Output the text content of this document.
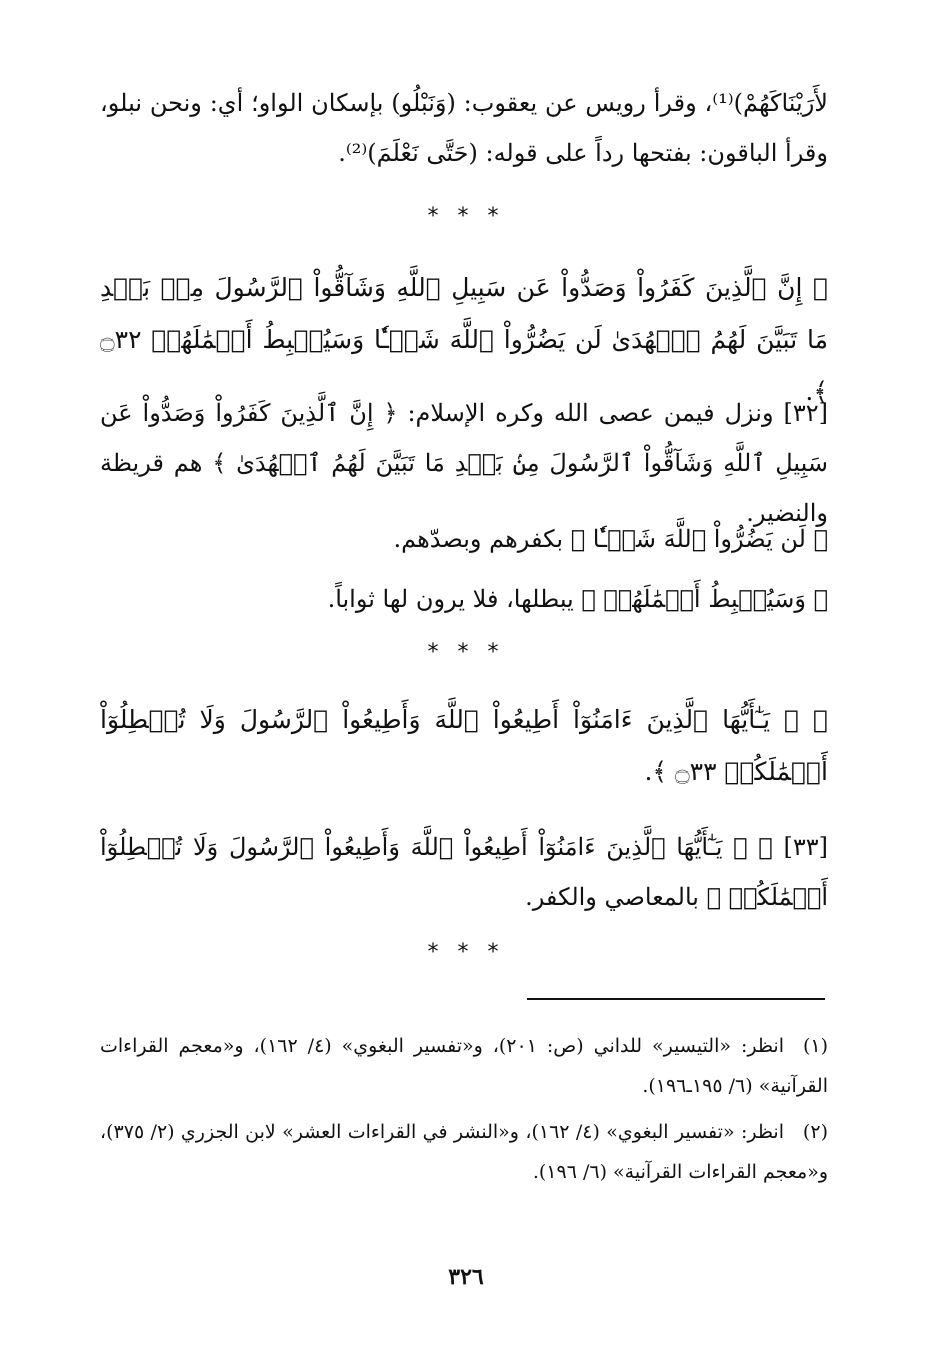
لأَرَيْنَاكَهُمْ)⁽¹⁾، وقرأ رويس عن يعقوب: (وَنَبْلُو) بإسكان الواو؛ أي: ونحن نبلو، وقرأ الباقون: بفتحها رداً على قوله: (حَتَّى نَعْلَمَ)⁽²⁾.

* * *

﴿ إِنَّ ٱلَّذِينَ كَفَرُواْ وَصَدُّواْ عَن سَبِيلِ ٱللَّهِ وَشَآقُّواْ ٱلرَّسُولَ مِنۢ بَعۡدِ مَا تَبَيَّنَ لَهُمُ ٱلۡهُدَىٰ لَن يَضُرُّواْ ٱللَّهَ شَيۡـٔٗا وَسَيُحۡبِطُ أَعۡمَٰلَهُمۡ ۝٣٢ ﴾.

[٣٢] ونزل فيمن عصى الله وكره الإسلام: ﴿ إِنَّ ٱلَّذِينَ كَفَرُواْ وَصَدُّواْ عَن سَبِيلِ ٱللَّهِ وَشَآقُّواْ ٱلرَّسُولَ مِنۢ بَعۡدِ مَا تَبَيَّنَ لَهُمُ ٱلۡهُدَىٰ ﴾ هم قريظة والنضير.

﴿ لَن يَضُرُّواْ ٱللَّهَ شَيۡـٔٗا ﴾ بكفرهم وبصدّهم.

﴿ وَسَيُحۡبِطُ أَعۡمَٰلَهُمۡ ﴾ يبطلها، فلا يرون لها ثواباً.

* * *

﴿ ۞ يَـٰٓأَيُّهَا ٱلَّذِينَ ءَامَنُوٓاْ أَطِيعُواْ ٱللَّهَ وَأَطِيعُواْ ٱلرَّسُولَ وَلَا تُبۡطِلُوٓاْ أَعۡمَٰلَكُمۡ ۝٣٣ ﴾.

[٣٣] ﴿ ۞ يَـٰٓأَيُّهَا ٱلَّذِينَ ءَامَنُوٓاْ أَطِيعُواْ ٱللَّهَ وَأَطِيعُواْ ٱلرَّسُولَ وَلَا تُبۡطِلُوٓاْ أَعۡمَٰلَكُمۡ ﴾ بالمعاصي والكفر.

* * *
(١)انظر: «التيسير» للداني (ص: ٢٠١)، و«تفسير البغوي» (٤/ ١٦٢)، و«معجم القراءات القرآنية» (٦/ ١٩٥ـ١٩٦).
(٢)انظر: «تفسير البغوي» (٤/ ١٦٢)، و«النشر في القراءات العشر» لابن الجزري (٢/ ٣٧٥)، و«معجم القراءات القرآنية» (٦/ ١٩٦).
٣٢٦
